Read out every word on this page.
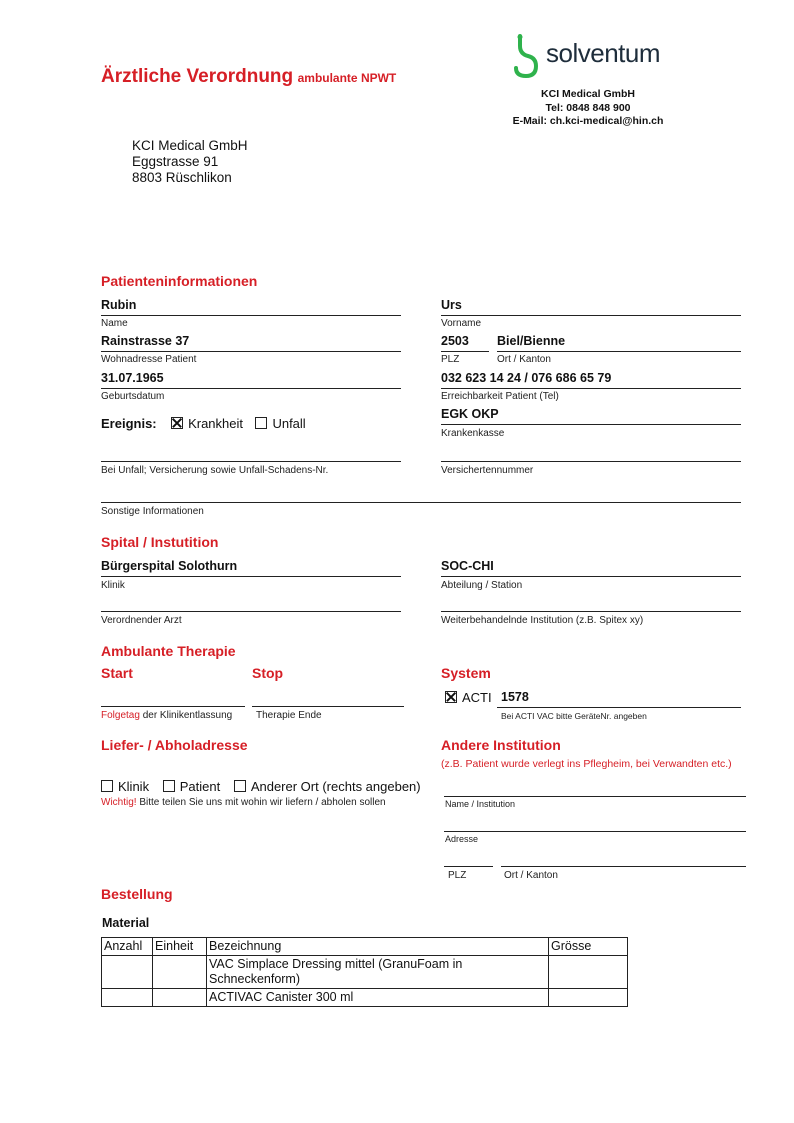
Ärztliche Verordnung ambulante NPWT
solventum
KCI Medical GmbH
Tel: 0848 848 900
E-Mail: ch.kci-medical@hin.ch
KCI Medical GmbH
Eggstrasse 91
8803 Rüschlikon
Patienteninformationen
Rubin
Name
Urs
Vorname
Rainstrasse 37
Wohnadresse Patient
2503
PLZ
Biel/Bienne
Ort / Kanton
31.07.1965
Geburtsdatum
032 623 14 24 / 076 686 65 79
Erreichbarkeit Patient (Tel)
Ereignis: Krankheit Unfall
EGK OKP
Krankenkasse
Bei Unfall; Versicherung sowie Unfall-Schadens-Nr.	Versichertennummer
Sonstige Informationen
Spital / Instutition
Bürgerspital Solothurn
Klinik
SOC-CHI
Abteilung / Station
Verordnender Arzt	Weiterbehandelnde Institution (z.B. Spitex xy)
Ambulante Therapie
Start	Stop
Folgetag der Klinikentlassung Therapie Ende
System
ACTI 1578
Bei ACTI VAC bitte GeräteNr. angeben
Liefer- / Abholadresse
Klinik Patient Anderer Ort (rechts angeben)
Wichtig! Bitte teilen Sie uns mit wohin wir liefern / abholen sollen
Andere Institution
(z.B. Patient wurde verlegt ins Pflegheim, bei Verwandten etc.)
Name / Institution
Adresse
PLZ	Ort / Kanton
Bestellung
Material
Anzahl	Einheit	Bezeichnung	Grösse
		VAC Simplace Dressing mittel (GranuFoam in Schneckenform)	
		ACTIVAC Canister 300 ml	
